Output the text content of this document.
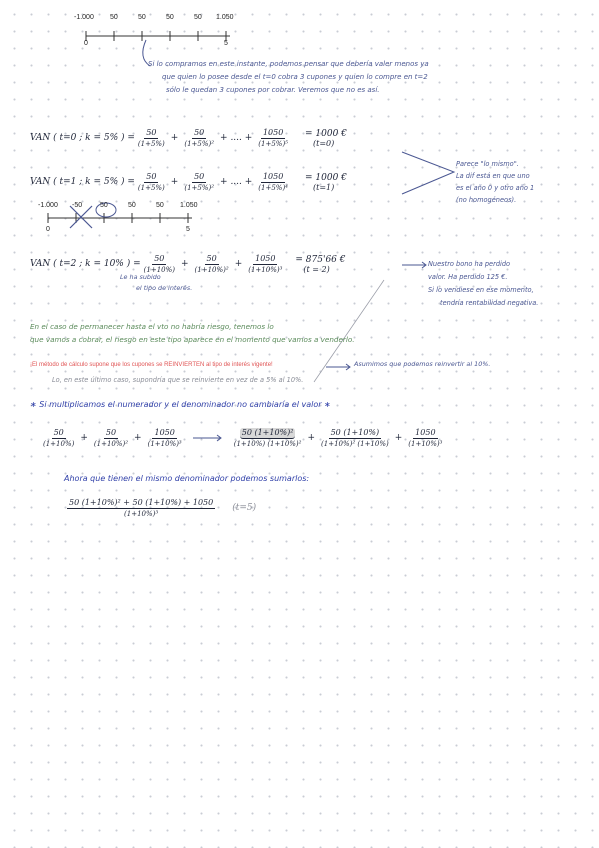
-1.000 50	50	50	50 1.050
0	5
Si lo compramos en este instante, podemos pensar que debería valer menos ya
que quien lo posee desde el t=0 cobra 3 cupones y quien lo compre en t=2
sólo le quedan 3 cupones por cobrar. Veremos que no es así.
VAN ( t=0 ; k = 5% ) = $\frac{50}{(1+5\%)} + \frac{50}{\text{(1+5\%)²}}$ + .... + $\frac{1050}{\text{(1+5\%)⁵}} = 1000$ €
(t=0)
VAN ( t=1 ; k = 5% ) = $\frac{50}{(1+5\%)} + \frac{50}{\text{(1+5\%)²}}$ + .... + $\frac{1050}{\text{(1+5\%)⁴}} = 1000$ €
(t=1)
Parece "lo mismo".
La dif está en que uno
es el año 0 y otro año 1
(no homogéneos).
-1.000 -50	50	50	50 1.050
0	5
VAN ( t=2 ; k = 10% ) = $\frac{50}{(1+10\%)} + \frac{50}{\text{(1+10\%)²}} + \frac{1050}{\text{(1+10\%)³}} = 875'66$ €
(t = 2)
Le ha subido
el tipo de interés.
Nuestro bono ha perdido
valor. Ha perdido 125 €.
Si lo vendiese en ese momento,
tendría rentabilidad negativa.
En el caso de permanecer hasta el vto no habría riesgo, tenemos lo
que vamos a cobrar, el riesgo en este tipo aparece en el momento que vamos a venderlo.
¡El método de cálculo supone que los cupones se REINVIERTEN al tipo de interés vigente!	Asumimos que podemos reinvertir al 10%.
Lo, en este último caso, supondría que se reinvierte en vez de a 5% al 10%.
∗ Si multiplicamos el numerador y el denominador no cambiaría el valor ∗
$\frac{50}{(1+10\%)} + \frac{50}{\text{(1+10\%)²}} + \frac{1050}{\text{(1+10\%)³}}$	$\frac{\text{50 (1+10\%)²}}{\text{(1+10\%) (1+10\%)²}} + \frac{50 (1+10\%)}{\text{(1+10\%)² (1+10\%)}} + \frac{1050}{\text{(1+10\%)³}}$
Ahora que tienen el mismo denominador podemos sumarlos:
$\frac{\text{50 (1+10\%)² + 50 (1+10\%) + 1050}}{\text{(1+10\%)³}} (t=5)$
